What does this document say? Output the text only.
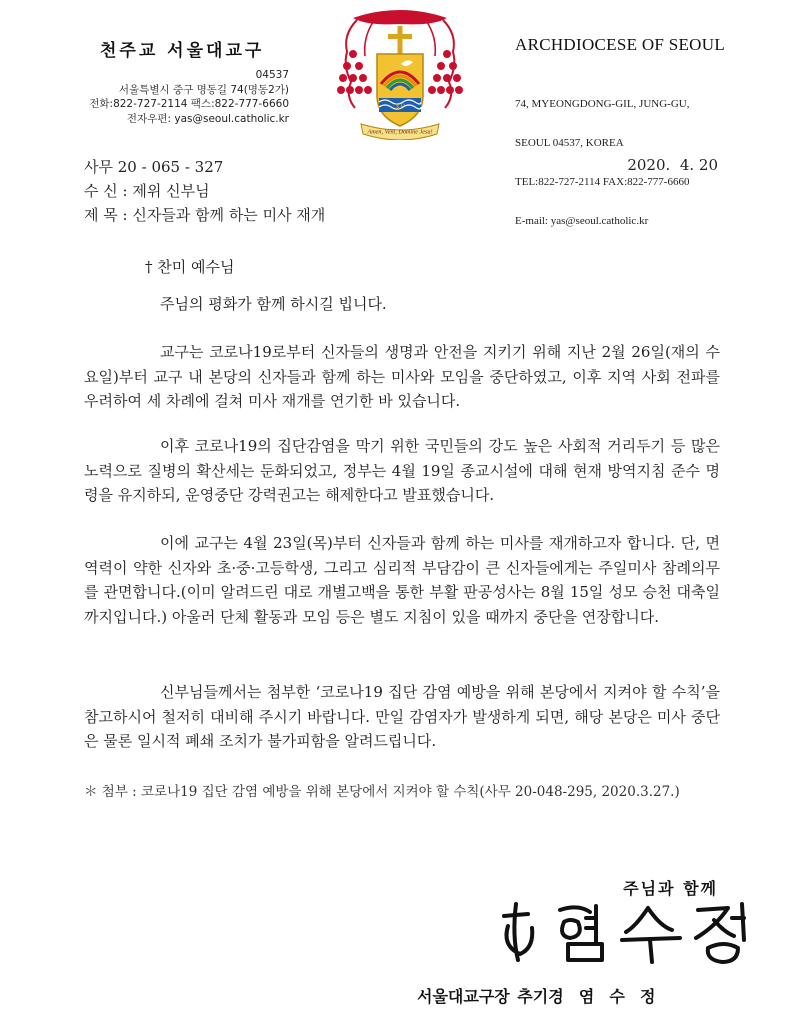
천주교 서울대교구
04537
서울특별시 중구 명동길 74(명동2가)
전화:822-727-2114 팩스:822-777-6660
전자우편: yas@seoul.catholic.kr
XP
Amen, Veni, Domine Jesu!
ARCHDIOCESE OF SEOUL

74, MYEONGDONG-GIL, JUNG-GU,

SEOUL 04537, KOREA

TEL:822-727-2114 FAX:822-777-6660

E-mail: yas@seoul.catholic.kr

사무 20 - 065 - 327	2020.  4. 20
수 신 : 제위 신부님
제 목 : 신자들과 함께 하는 미사 재개
† 찬미 예수님
주님의 평화가 함께 하시길 빕니다.
교구는 코로나19로부터 신자들의 생명과 안전을 지키기 위해 지난 2월 26일(재의 수요일)부터 교구 내 본당의 신자들과 함께 하는 미사와 모임을 중단하였고, 이후 지역 사회 전파를 우려하여 세 차례에 걸쳐 미사 재개를 연기한 바 있습니다.
이후 코로나19의 집단감염을 막기 위한 국민들의 강도 높은 사회적 거리두기 등 많은 노력으로 질병의 확산세는 둔화되었고, 정부는 4월 19일 종교시설에 대해 현재 방역지침 준수 명령을 유지하되, 운영중단 강력권고는 해제한다고 발표했습니다.
이에 교구는 4월 23일(목)부터 신자들과 함께 하는 미사를 재개하고자 합니다. 단, 면역력이 약한 신자와 초·중·고등학생, 그리고 심리적 부담감이 큰 신자들에게는 주일미사 참례의무를 관면합니다.(이미 알려드린 대로 개별고백을 통한 부활 판공성사는 8월 15일 성모 승천 대축일까지입니다.) 아울러 단체 활동과 모임 등은 별도 지침이 있을 때까지 중단을 연장합니다.
신부님들께서는 첨부한 ‘코로나19 집단 감염 예방을 위해 본당에서 지켜야 할 수칙’을 참고하시어 철저히 대비해 주시기 바랍니다. 만일 감염자가 발생하게 되면, 해당 본당은 미사 중단은 물론 일시적 폐쇄 조치가 불가피함을 알려드립니다.
＊ 첨부 : 코로나19 집단 감염 예방을 위해 본당에서 지켜야 할 수칙(사무 20-048-295, 2020.3.27.)
주님과 함께
서울대교구장 추기경  염  수  정
